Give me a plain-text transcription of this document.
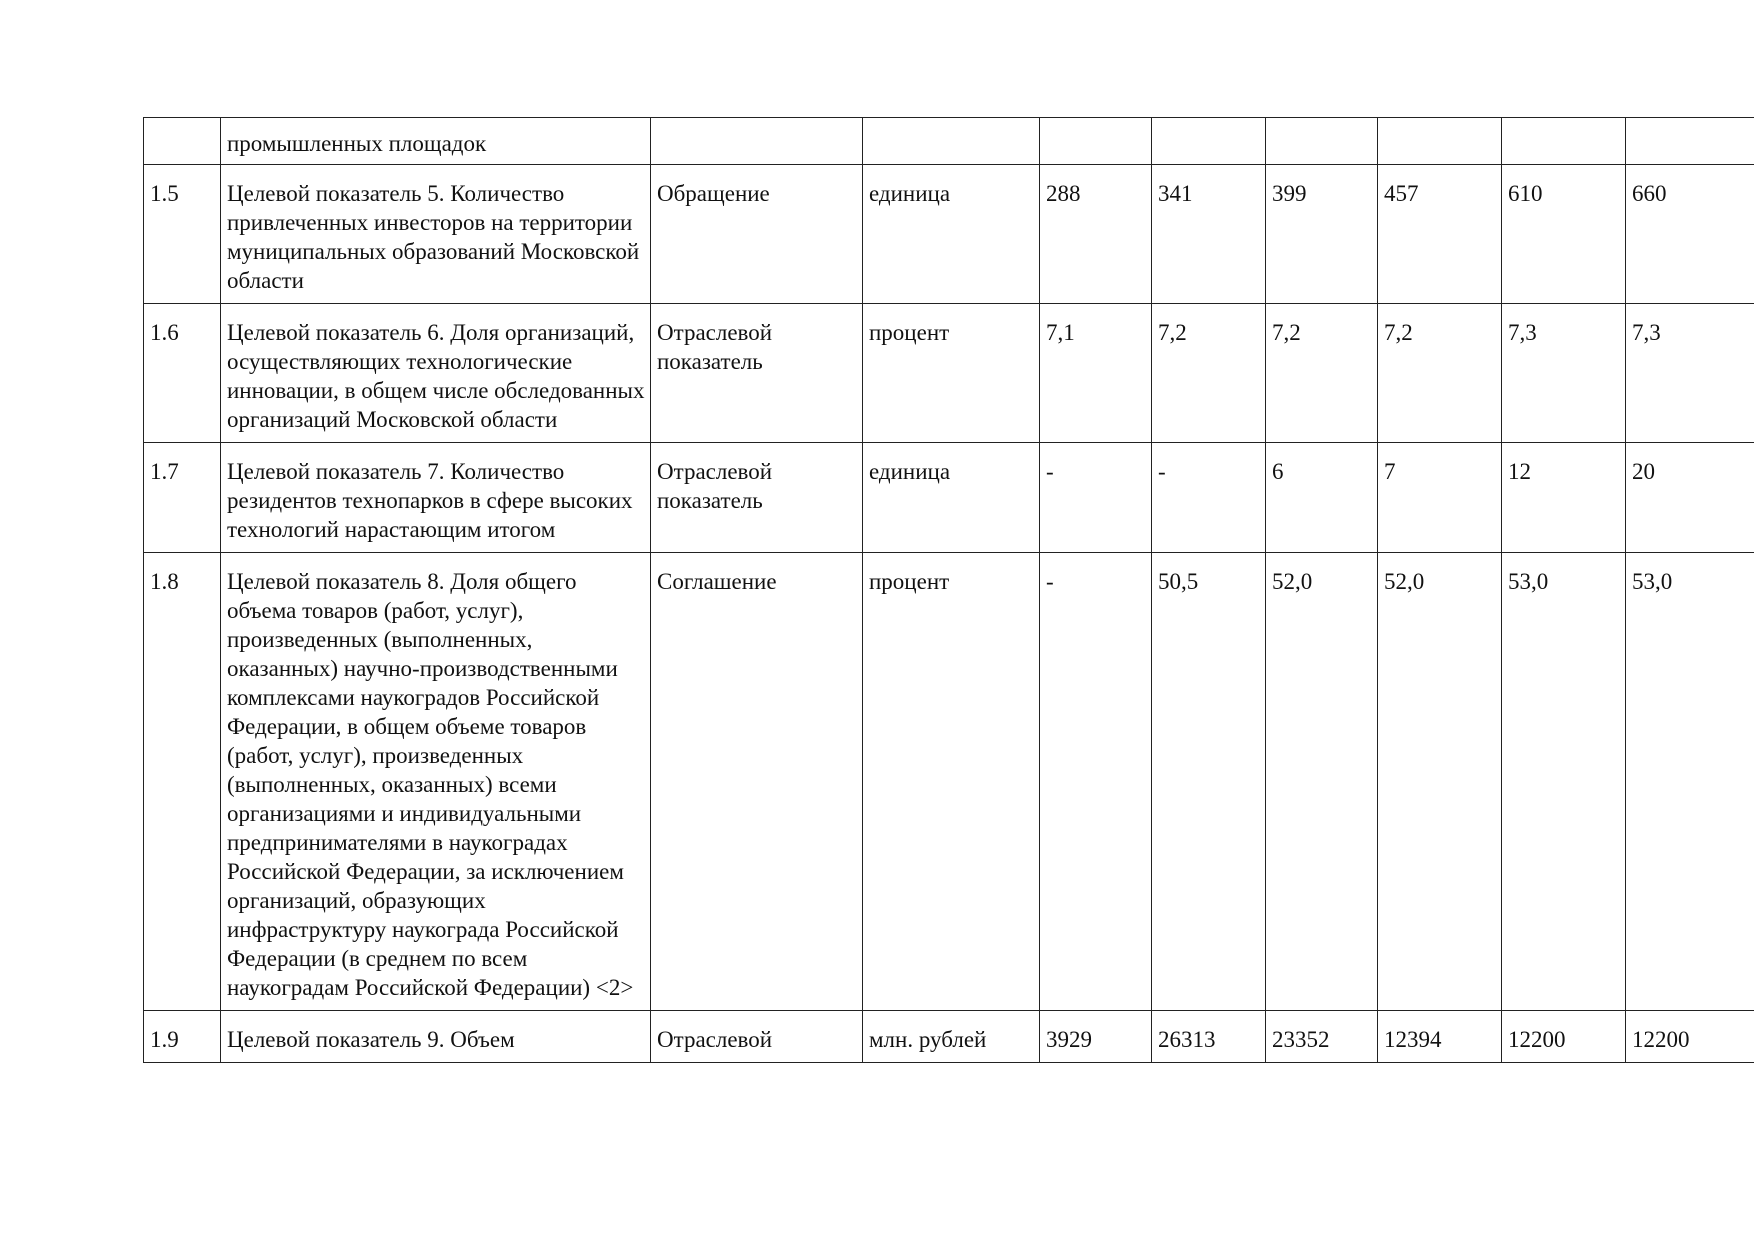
	промышленных площадок								
1.5	Целевой показатель 5. Количество привлеченных инвесторов на территории муниципальных образований Московской области	Обращение	единица	288	341	399	457	610	660
1.6	Целевой показатель 6. Доля организаций, осуществляющих технологические инновации, в общем числе обследованных организаций Московской области	Отраслевой показатель	процент	7,1	7,2	7,2	7,2	7,3	7,3
1.7	Целевой показатель 7. Количество резидентов технопарков в сфере высоких технологий нарастающим итогом	Отраслевой показатель	единица	-	-	6	7	12	20
1.8	Целевой показатель 8. Доля общего объема товаров (работ, услуг), произведенных (выполненных, оказанных) научно-производственными комплексами наукоградов Российской Федерации, в общем объеме товаров (работ, услуг), произведенных (выполненных, оказанных) всеми организациями и индивидуальными предпринимателями в наукоградах Российской Федерации, за исключением организаций, образующих инфраструктуру наукограда Российской Федерации (в среднем по всем наукоградам Российской Федерации) <2>	Соглашение	процент	-	50,5	52,0	52,0	53,0	53,0
1.9	Целевой показатель 9. Объем	Отраслевой	млн. рублей	3929	26313	23352	12394	12200	12200
